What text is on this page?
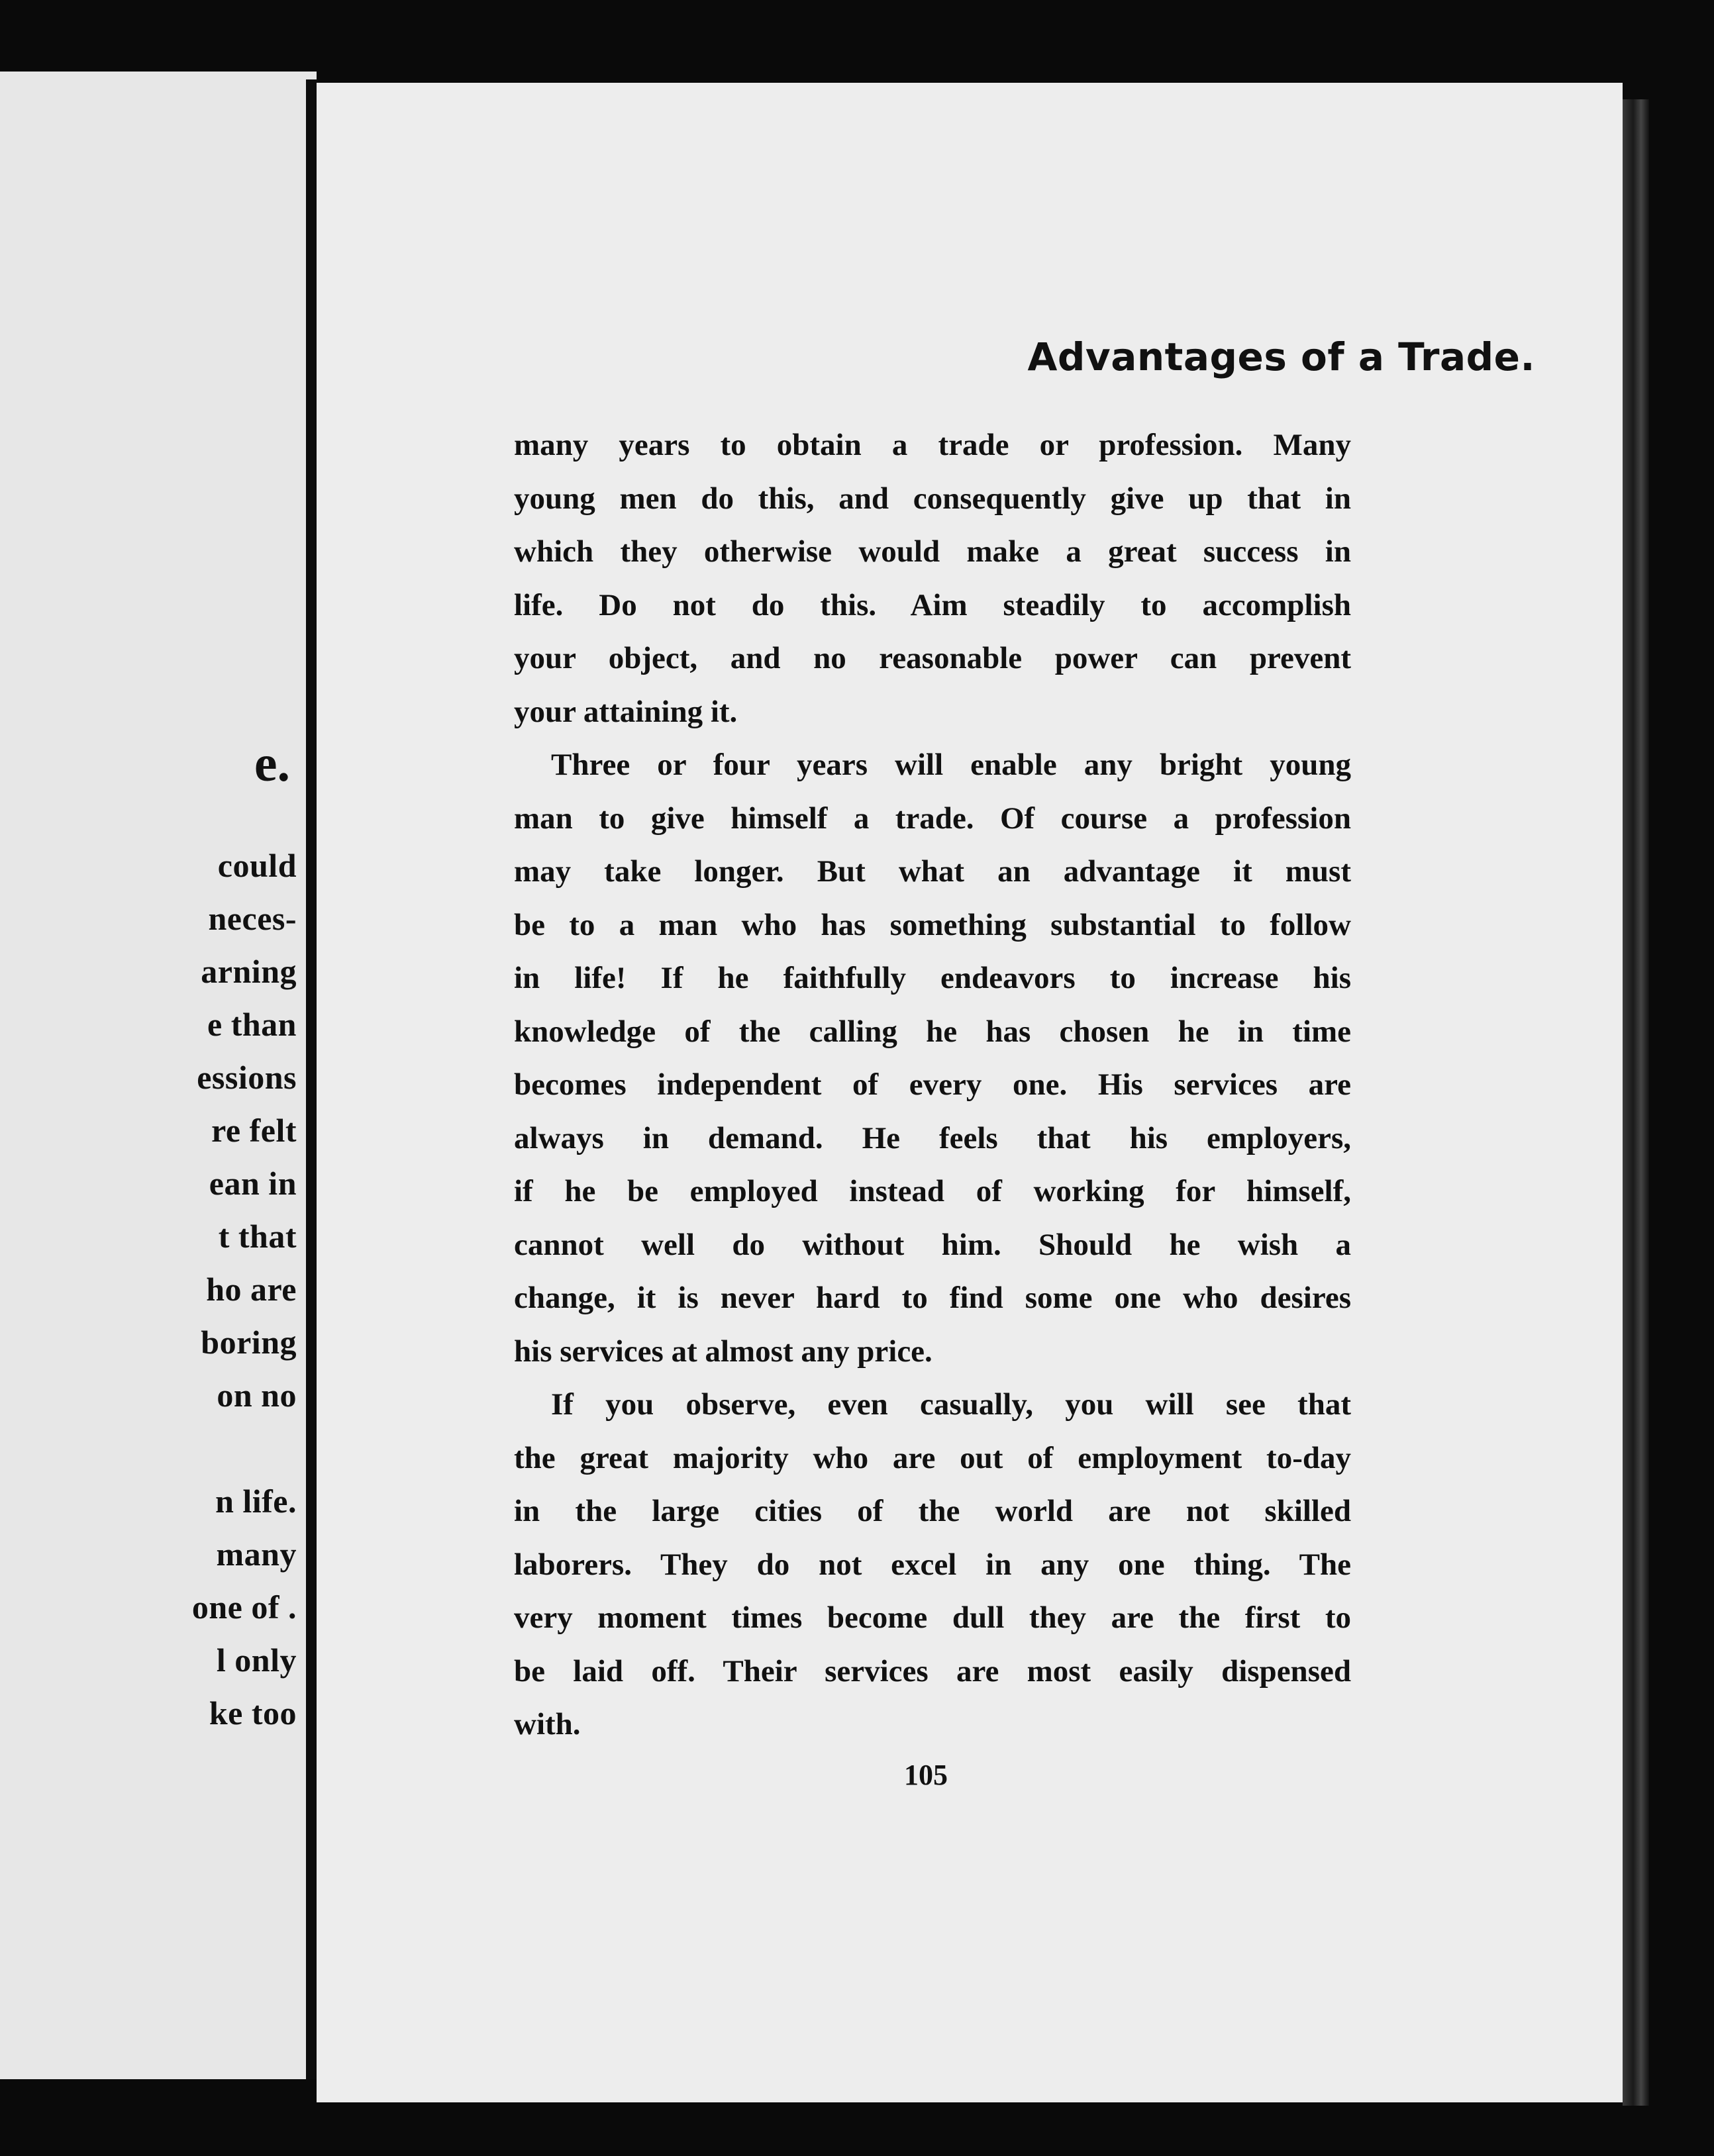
e.
could
neces-
arning
e than
essions
re felt
ean in
t that
ho are
boring
on no
n life.
many
one of .
l only
ke too
Advantages of a Trade.
many years to obtain a trade or profession. Many
young men do this, and consequently give up that in
which they otherwise would make a great success in
life. Do not do this. Aim steadily to accomplish
your object, and no reasonable power can prevent
your attaining it.
Three or four years will enable any bright young
man to give himself a trade. Of course a profession
may take longer. But what an advantage it must
be to a man who has something substantial to follow
in life! If he faithfully endeavors to increase his
knowledge of the calling he has chosen he in time
becomes independent of every one. His services are
always in demand. He feels that his employers,
if he be employed instead of working for himself,
cannot well do without him. Should he wish a
change, it is never hard to find some one who desires
his services at almost any price.
If you observe, even casually, you will see that
the great majority who are out of employment to-day
in the large cities of the world are not skilled
laborers. They do not excel in any one thing. The
very moment times become dull they are the first to
be laid off. Their services are most easily dispensed
with.
105
